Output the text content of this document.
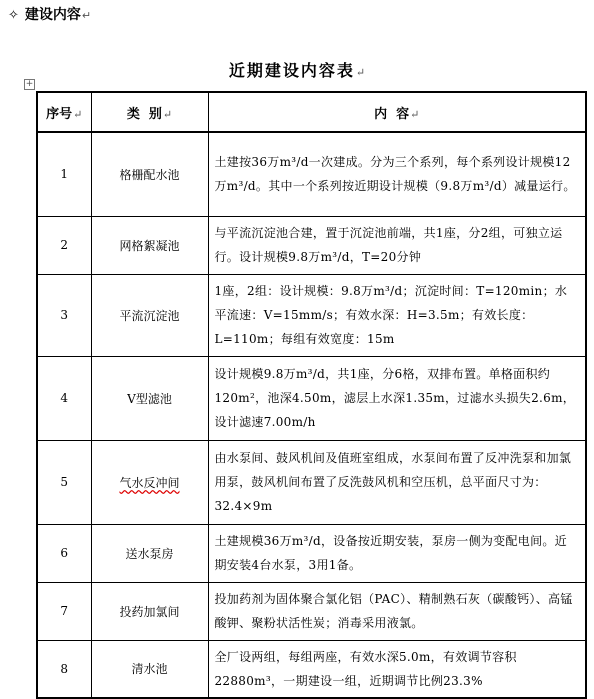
✧ 建设内容↵
近期建设内容表↵
+
序号↵	类  别↵	内  容↵
1	格栅配水池	土建按36万m³/d一次建成。分为三个系列，每个系列设计规模12万m³/d。其中一个系列按近期设计规模（9.8万m³/d）减量运行。
2	网格絮凝池	与平流沉淀池合建，置于沉淀池前端，共1座，分2组，可独立运行。设计规模9.8万m³/d，T=20分钟
3	平流沉淀池	1座，2组：设计规模：9.8万m³/d；沉淀时间：T=120min；水平流速：V=15mm/s；有效水深：H=3.5m；有效长度：L=110m；每组有效宽度：15m
4	V型滤池	设计规模9.8万m³/d，共1座，分6格，双排布置。单格面积约120m²，池深4.50m，滤层上水深1.35m，过滤水头损失2.6m，设计滤速7.00m/h
5	气水反冲间	由水泵间、鼓风机间及值班室组成，水泵间布置了反冲洗泵和加氯用泵，鼓风机间布置了反洗鼓风机和空压机，总平面尺寸为：32.4×9m
6	送水泵房	土建规模36万m³/d，设备按近期安装，泵房一侧为变配电间。近期安装4台水泵，3用1备。
7	投药加氯间	投加药剂为固体聚合氯化铝（PAC）、精制熟石灰（碳酸钙）、高锰酸钾、聚粉状活性炭；消毒采用液氯。
8	清水池	全厂设两组，每组两座，有效水深5.0m，有效调节容积22880m³，一期建设一组，近期调节比例23.3%
